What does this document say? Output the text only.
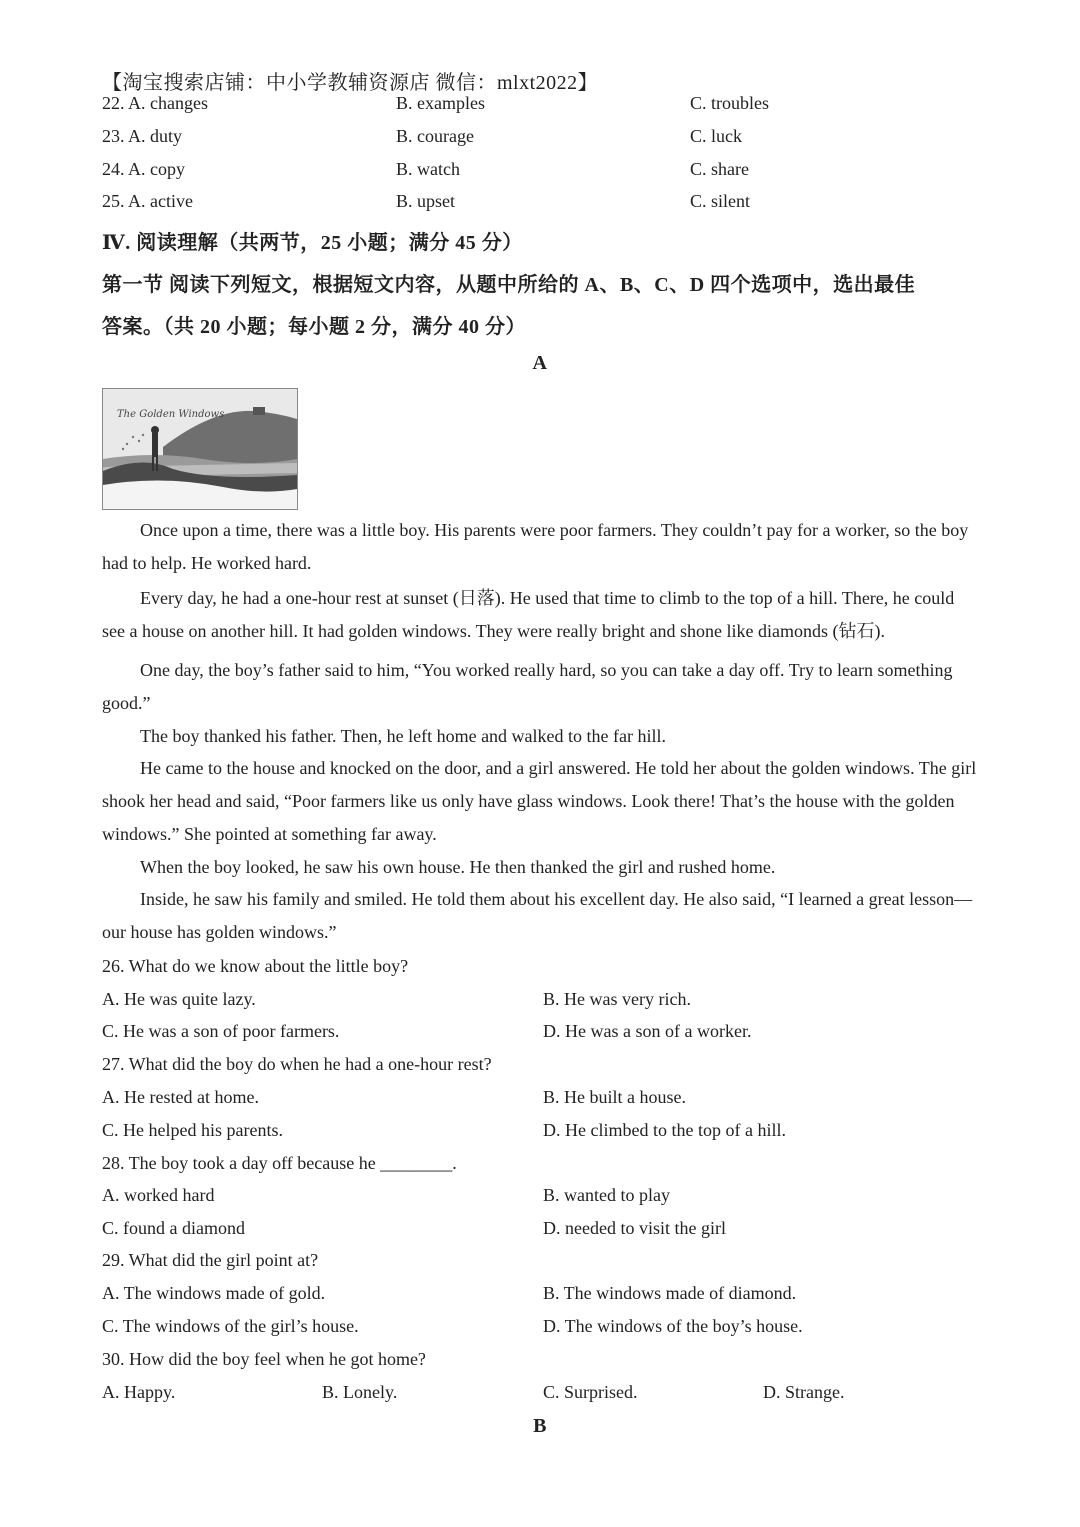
【淘宝搜索店铺：中小学教辅资源店 微信：mlxt2022】
22. A. changes	B. examples	C. troubles
23. A. duty	B. courage	C. luck
24. A. copy	B. watch	C. share
25. A. active	B. upset	C. silent
Ⅳ. 阅读理解（共两节，25 小题；满分 45 分）
第一节 阅读下列短文，根据短文内容，从题中所给的 A、B、C、D 四个选项中，选出最佳
答案。（共 20 小题；每小题 2 分，满分 40 分）
A
The Golden Windows
Once upon a time, there was a little boy. His parents were poor farmers. They couldn’t pay for a worker, so the boy had to help. He worked hard.
Every day, he had a one-hour rest at sunset (日落). He used that time to climb to the top of a hill. There, he could see a house on another hill. It had golden windows. They were really bright and shone like diamonds (钻石).
One day, the boy’s father said to him, “You worked really hard, so you can take a day off. Try to learn something good.”
The boy thanked his father. Then, he left home and walked to the far hill.
He came to the house and knocked on the door, and a girl answered. He told her about the golden windows. The girl shook her head and said, “Poor farmers like us only have glass windows. Look there! That’s the house with the golden windows.” She pointed at something far away.
When the boy looked, he saw his own house. He then thanked the girl and rushed home.
Inside, he saw his family and smiled. He told them about his excellent day. He also said, “I learned a great lesson—our house has golden windows.”
26. What do we know about the little boy?
A. He was quite lazy.	B. He was very rich.
C. He was a son of poor farmers.	D. He was a son of a worker.
27. What did the boy do when he had a one-hour rest?
A. He rested at home.	B. He built a house.
C. He helped his parents.	D. He climbed to the top of a hill.
28. The boy took a day off because he ________.
A. worked hard	B. wanted to play
C. found a diamond	D. needed to visit the girl
29. What did the girl point at?
A. The windows made of gold.	B. The windows made of diamond.
C. The windows of the girl’s house.	D. The windows of the boy’s house.
30. How did the boy feel when he got home?
A. Happy.	B. Lonely.	C. Surprised.	D. Strange.
B
